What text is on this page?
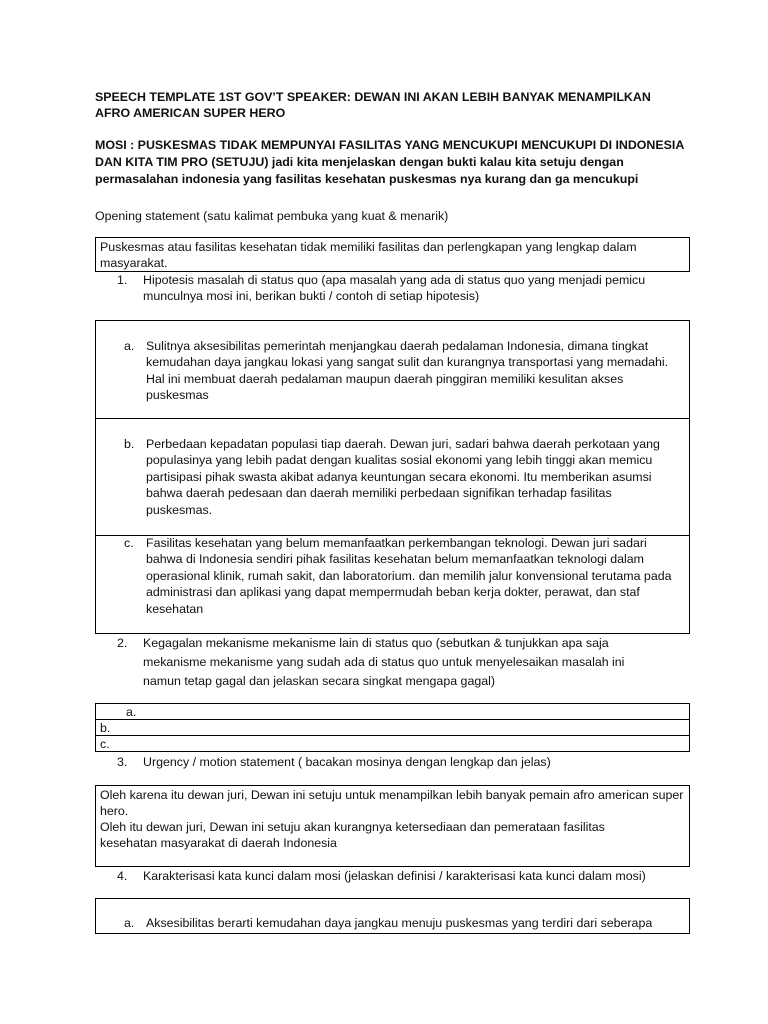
SPEECH TEMPLATE 1ST GOV’T SPEAKER: DEWAN INI AKAN LEBIH BANYAK MENAMPILKAN AFRO AMERICAN SUPER HERO
MOSI : PUSKESMAS TIDAK MEMPUNYAI FASILITAS YANG MENCUKUPI MENCUKUPI DI INDONESIA DAN KITA TIM PRO (SETUJU) jadi kita menjelaskan dengan bukti kalau kita setuju dengan permasalahan indonesia yang fasilitas kesehatan puskesmas nya kurang dan ga mencukupi
Opening statement (satu kalimat pembuka yang kuat & menarik)
Puskesmas atau fasilitas kesehatan tidak memiliki fasilitas dan perlengkapan yang lengkap dalam masyarakat.
1. Hipotesis masalah di status quo (apa masalah yang ada di status quo yang menjadi pemicu munculnya mosi ini, berikan bukti / contoh di setiap hipotesis)
a. Sulitnya aksesibilitas pemerintah menjangkau daerah pedalaman Indonesia, dimana tingkat kemudahan daya jangkau lokasi yang sangat sulit dan kurangnya transportasi yang memadahi. Hal ini membuat daerah pedalaman maupun daerah pinggiran memiliki kesulitan akses puskesmas
b. Perbedaan kepadatan populasi tiap daerah. Dewan juri, sadari bahwa daerah perkotaan yang populasinya yang lebih padat dengan kualitas sosial ekonomi yang lebih tinggi akan memicu partisipasi pihak swasta akibat adanya keuntungan secara ekonomi. Itu memberikan asumsi bahwa daerah pedesaan dan daerah memiliki perbedaan signifikan terhadap fasilitas puskesmas.
c. Fasilitas kesehatan yang belum memanfaatkan perkembangan teknologi. Dewan juri sadari bahwa di Indonesia sendiri pihak fasilitas kesehatan belum memanfaatkan teknologi dalam operasional klinik, rumah sakit, dan laboratorium. dan memilih jalur konvensional terutama pada administrasi dan aplikasi yang dapat mempermudah beban kerja dokter, perawat, dan staf kesehatan
2. Kegagalan mekanisme mekanisme lain di status quo (sebutkan & tunjukkan apa saja mekanisme mekanisme yang sudah ada di status quo untuk menyelesaikan masalah ini namun tetap gagal dan jelaskan secara singkat mengapa gagal)
a.
b.
c.
3. Urgency / motion statement ( bacakan mosinya dengan lengkap dan jelas)
Oleh karena itu dewan juri, Dewan ini setuju untuk menampilkan lebih banyak pemain afro american super hero.
Oleh itu dewan juri, Dewan ini setuju akan kurangnya ketersediaan dan pemerataan fasilitas kesehatan masyarakat di daerah Indonesia
4. Karakterisasi kata kunci dalam mosi (jelaskan definisi / karakterisasi kata kunci dalam mosi)
a. Aksesibilitas berarti kemudahan daya jangkau menuju puskesmas yang terdiri dari seberapa
